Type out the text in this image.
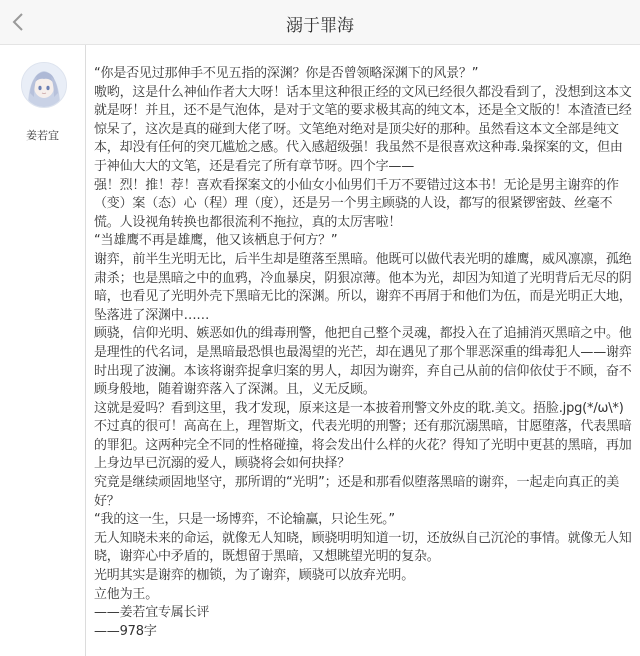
溺于罪海
姜若宜

“你是否见过那伸手不见五指的深渊？你是否曾领略深渊下的风景？”

嗷哟，这是什么神仙作者大大呀！话本里这种很正经的文风已经很久都没看到了，没想到这本文就是呀！并且，还不是气泡体，是对于文笔的要求极其高的纯文本，还是全文版的！本渣渣已经惊呆了，这次是真的碰到大佬了呀。文笔绝对绝对是顶尖好的那种。虽然看这本文全部是纯文本，却没有任何的突兀尴尬之感。代入感超级强！我虽然不是很喜欢这种毒.枭探案的文，但由于神仙大大的文笔，还是看完了所有章节呀。四个字——

强！烈！推！荐！喜欢看探案文的小仙女小仙男们千万不要错过这本书！无论是男主谢弈的作（变）案（态）心（程）理（度），还是另一个男主顾骁的人设，都写的很紧锣密鼓、丝毫不慌。人设视角转换也都很流利不拖拉，真的太厉害啦！

“当雄鹰不再是雄鹰，他又该栖息于何方？”

谢弈，前半生光明无比，后半生却是堕落至黑暗。他既可以做代表光明的雄鹰，威风凛凛，孤绝肃杀；也是黑暗之中的血鸦，冷血暴戾，阴狠凉薄。他本为光，却因为知道了光明背后无尽的阴暗，也看见了光明外壳下黑暗无比的深渊。所以，谢弈不再屑于和他们为伍，而是光明正大地，坠落进了深渊中……

顾骁，信仰光明、嫉恶如仇的缉毒刑警，他把自己整个灵魂，都投入在了追捕消灭黑暗之中。他是理性的代名词，是黑暗最恐惧也最渴望的光芒，却在遇见了那个罪恶深重的缉毒犯人——谢弈时出现了波澜。本该将谢弈捉拿归案的男人，却因为谢弈，弃自己从前的信仰依仗于不顾，奋不顾身般地，随着谢弈落入了深渊。且，义无反顾。

这就是爱吗？看到这里，我才发现，原来这是一本披着刑警文外皮的耽.美文。捂脸.jpg(*/ω\*)不过真的很可！高高在上，理智斯文，代表光明的刑警；还有那沉溺黑暗，甘愿堕落，代表黑暗的罪犯。这两种完全不同的性格碰撞，将会发出什么样的火花？得知了光明中更甚的黑暗，再加上身边早已沉溺的爱人，顾骁将会如何抉择？

究竟是继续顽固地坚守，那所谓的“光明”；还是和那看似堕落黑暗的谢弈，一起走向真正的美好？

“我的这一生，只是一场博弈，不论输赢，只论生死。”

无人知晓未来的命运，就像无人知晓，顾骁明明知道一切，还放纵自己沉沦的事情。就像无人知晓，谢弈心中矛盾的，既想留于黑暗，又想眺望光明的复杂。

光明其实是谢弈的枷锁，为了谢弈，顾骁可以放弃光明。

立他为王。

——姜若宜专属长评

——978字
